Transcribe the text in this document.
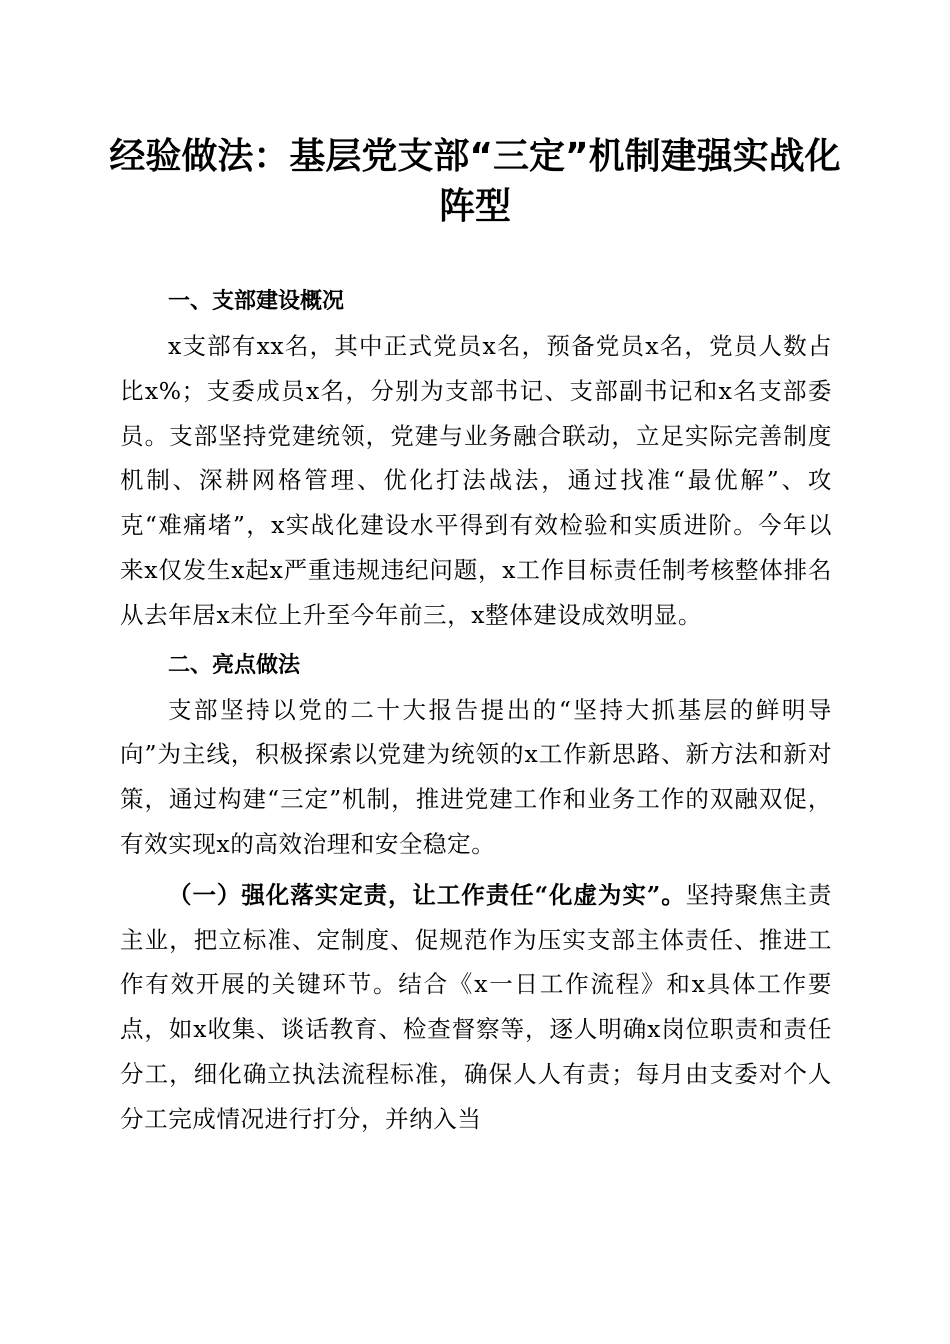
经验做法：基层党支部“三定”机制建强实战化阵型

一、支部建设概况

x支部有xx名，其中正式党员x名，预备党员x名，党员人数占比x%；支委成员x名，分别为支部书记、支部副书记和x名支部委员。支部坚持党建统领，党建与业务融合联动，立足实际完善制度机制、深耕网格管理、优化打法战法，通过找准“最优解”、攻克“难痛堵”，x实战化建设水平得到有效检验和实质进阶。今年以来x仅发生x起x严重违规违纪问题，x工作目标责任制考核整体排名从去年居x末位上升至今年前三，x整体建设成效明显。

二、亮点做法

支部坚持以党的二十大报告提出的“坚持大抓基层的鲜明导向”为主线，积极探索以党建为统领的x工作新思路、新方法和新对策，通过构建“三定”机制，推进党建工作和业务工作的双融双促，有效实现x的高效治理和安全稳定。

（一）强化落实定责，让工作责任“化虚为实”。坚持聚焦主责主业，把立标准、定制度、促规范作为压实支部主体责任、推进工作有效开展的关键环节。结合《x一日工作流程》和x具体工作要点，如x收集、谈话教育、检查督察等，逐人明确x岗位职责和责任分工，细化确立执法流程标准，确保人人有责；每月由支委对个人分工完成情况进行打分，并纳入当
